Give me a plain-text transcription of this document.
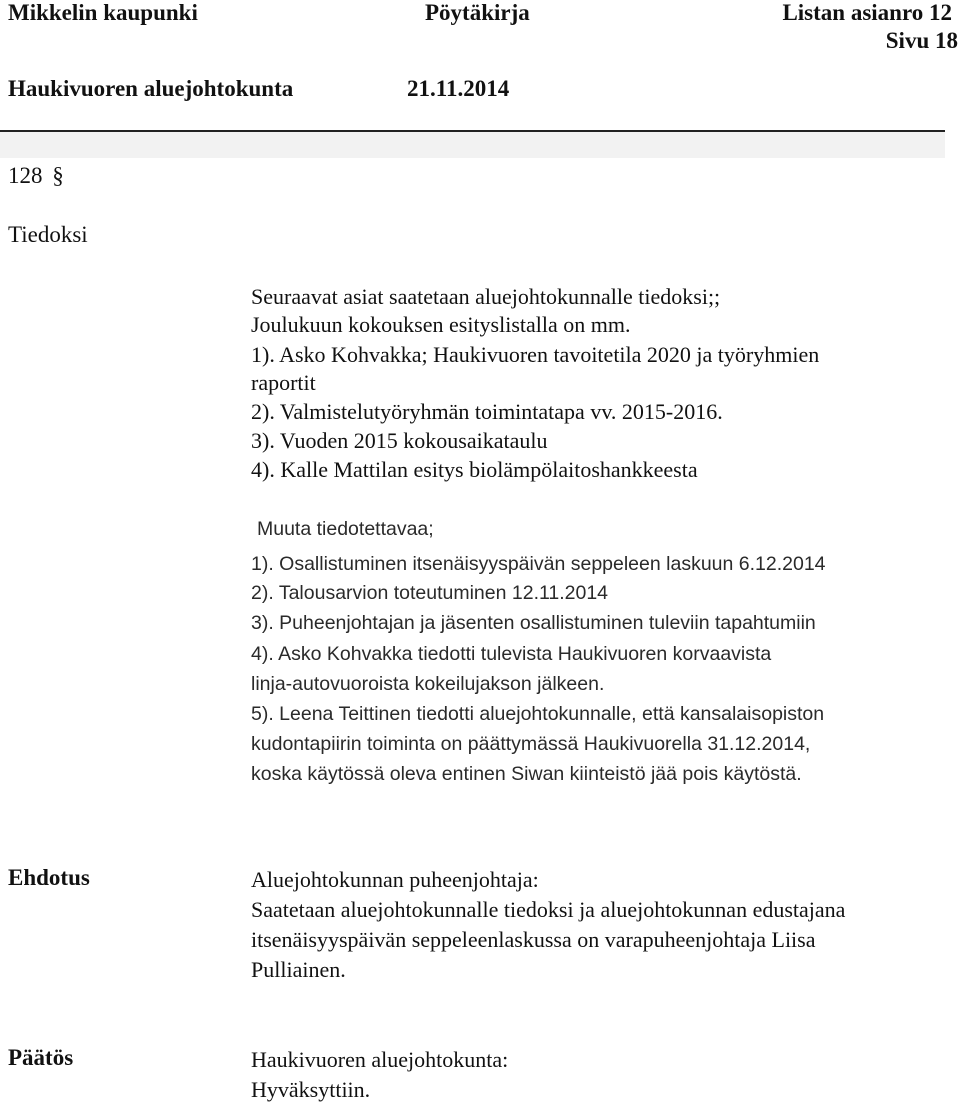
Mikkelin kaupunki	Pöytäkirja	Listan asianro 12
Sivu 18
Haukivuoren aluejohtokunta	21.11.2014
128 §
Tiedoksi
Seuraavat asiat saatetaan aluejohtokunnalle tiedoksi;;
Joulukuun kokouksen esityslistalla on mm.
1). Asko Kohvakka; Haukivuoren tavoitetila 2020 ja työryhmien
raportit
2). Valmistelutyöryhmän toimintatapa vv. 2015-2016.
3). Vuoden 2015 kokousaikataulu
4). Kalle Mattilan esitys biolämpölaitoshankkeesta
Muuta tiedotettavaa;
1). Osallistuminen itsenäisyyspäivän seppeleen laskuun 6.12.2014
2). Talousarvion toteutuminen 12.11.2014
3). Puheenjohtajan ja jäsenten osallistuminen tuleviin tapahtumiin
4). Asko Kohvakka tiedotti tulevista Haukivuoren korvaavista
linja-autovuoroista kokeilujakson jälkeen.
5). Leena Teittinen tiedotti aluejohtokunnalle, että kansalaisopiston
kudontapiirin toiminta on päättymässä Haukivuorella 31.12.2014,
koska käytössä oleva entinen Siwan kiinteistö jää pois käytöstä.
Ehdotus	Aluejohtokunnan puheenjohtaja:
Saatetaan aluejohtokunnalle tiedoksi ja aluejohtokunnan edustajana
itsenäisyyspäivän seppeleenlaskussa on varapuheenjohtaja Liisa
Pulliainen.
Päätös	Haukivuoren aluejohtokunta:
Hyväksyttiin.
